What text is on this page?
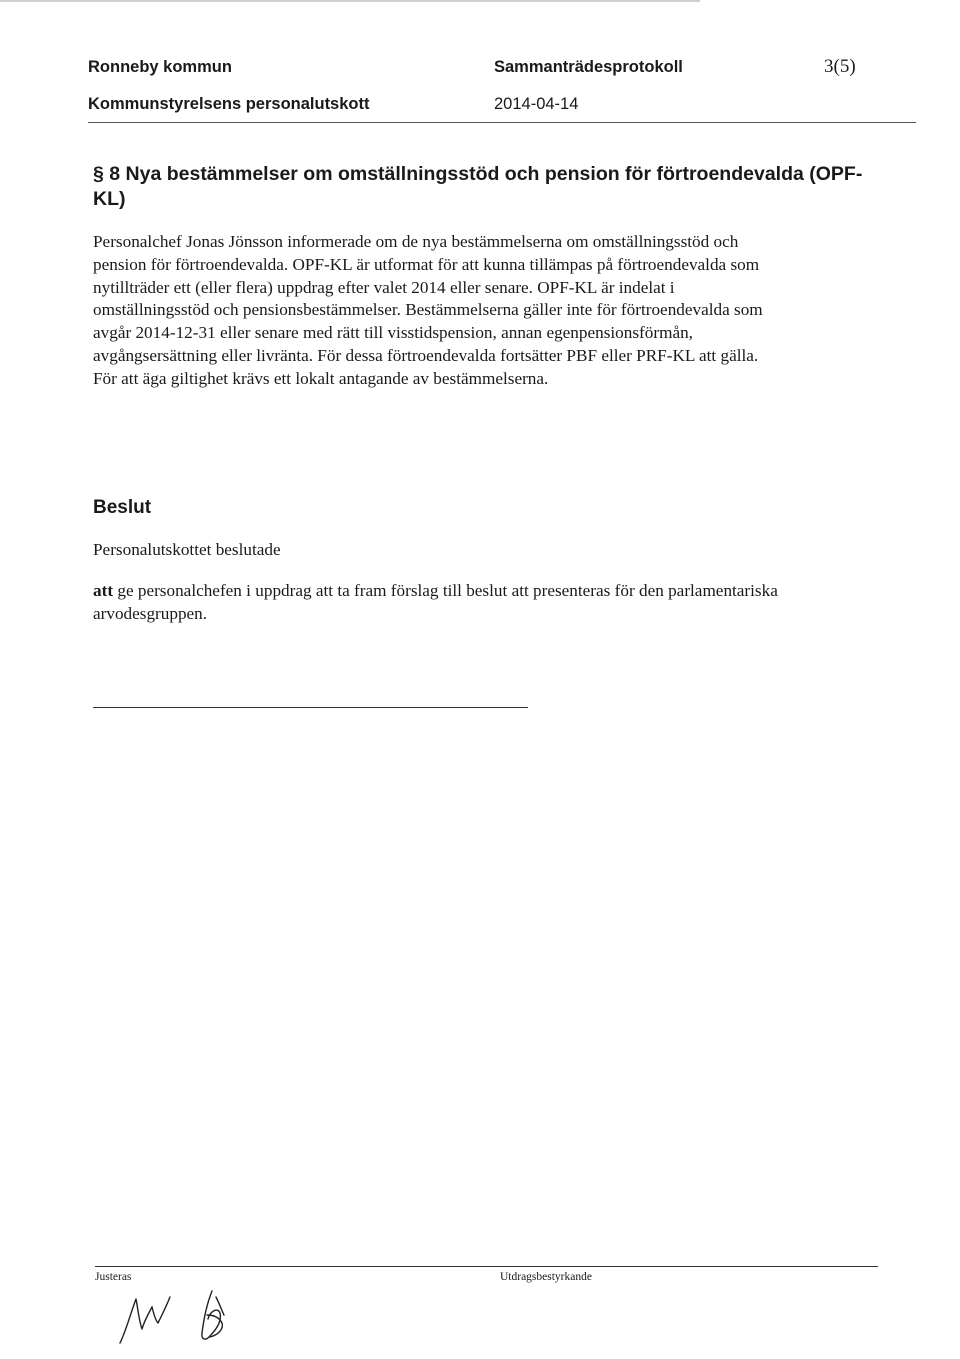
Ronneby kommun	Sammanträdesprotokoll	3(5)
Kommunstyrelsens personalutskott	2014-04-14
§ 8 Nya bestämmelser om omställningsstöd och pension för förtroendevalda (OPF-
KL)
Personalchef Jonas Jönsson informerade om de nya bestämmelserna om omställningsstöd och
pension för förtroendevalda. OPF-KL är utformat för att kunna tillämpas på förtroendevalda som
nytillträder ett (eller flera) uppdrag efter valet 2014 eller senare. OPF-KL är indelat i
omställningsstöd och pensionsbestämmelser. Bestämmelserna gäller inte för förtroendevalda som
avgår 2014-12-31 eller senare med rätt till visstidspension, annan egenpensionsförmån,
avgångsersättning eller livränta. För dessa förtroendevalda fortsätter PBF eller PRF-KL att gälla.
För att äga giltighet krävs ett lokalt antagande av bestämmelserna.
Beslut
Personalutskottet beslutade
att ge personalchefen i uppdrag att ta fram förslag till beslut att presenteras för den parlamentariska
arvodesgruppen.
Justeras	Utdragsbestyrkande
